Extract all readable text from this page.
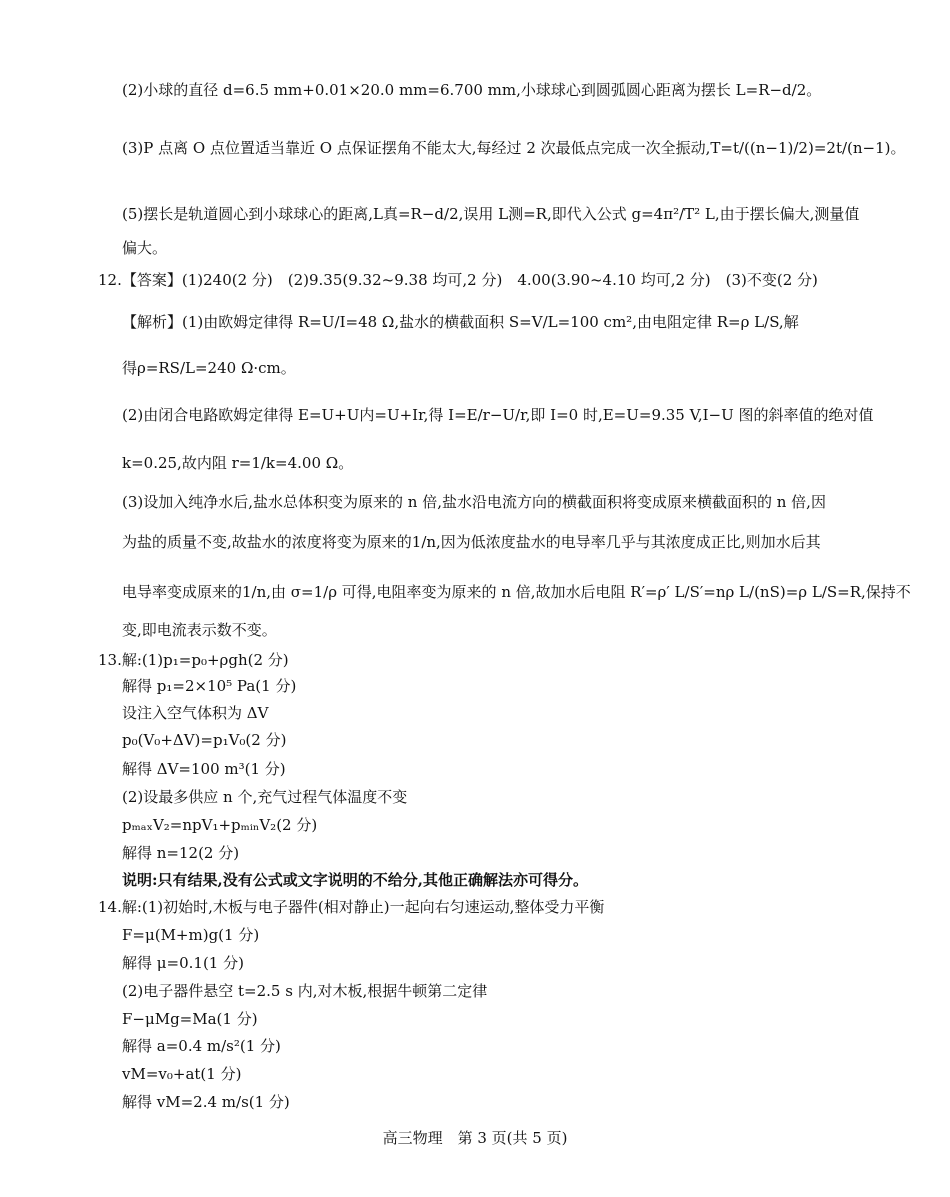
(2)小球的直径 d=6.5 mm+0.01×20.0 mm=6.700 mm,小球球心到圆弧圆心距离为摆长 L=R−d/2。
(3)P 点离 O 点位置适当靠近 O 点保证摆角不能太大,每经过 2 次最低点完成一次全振动,T=t/((n−1)/2)=2t/(n−1)。
(5)摆长是轨道圆心到小球球心的距离,L真=R−d/2,误用 L测=R,即代入公式 g=4π²/T² L,由于摆长偏大,测量值
偏大。
12.【答案】(1)240(2 分)　(2)9.35(9.32~9.38 均可,2 分)　4.00(3.90~4.10 均可,2 分)　(3)不变(2 分)
【解析】(1)由欧姆定律得 R=U/I=48 Ω,盐水的横截面积 S=V/L=100 cm²,由电阻定律 R=ρ L/S,解
得ρ=RS/L=240 Ω·cm。
(2)由闭合电路欧姆定律得 E=U+U内=U+Ir,得 I=E/r−U/r,即 I=0 时,E=U=9.35 V,I−U 图的斜率值的绝对值
k=0.25,故内阻 r=1/k=4.00 Ω。
(3)设加入纯净水后,盐水总体积变为原来的 n 倍,盐水沿电流方向的横截面积将变成原来横截面积的 n 倍,因
为盐的质量不变,故盐水的浓度将变为原来的1/n,因为低浓度盐水的电导率几乎与其浓度成正比,则加水后其
电导率变成原来的1/n,由 σ=1/ρ 可得,电阻率变为原来的 n 倍,故加水后电阻 R′=ρ′ L/S′=nρ L/(nS)=ρ L/S=R,保持不
变,即电流表示数不变。
13.解:(1)p₁=p₀+ρgh(2 分)
解得 p₁=2×10⁵ Pa(1 分)
设注入空气体积为 ΔV
p₀(V₀+ΔV)=p₁V₀(2 分)
解得 ΔV=100 m³(1 分)
(2)设最多供应 n 个,充气过程气体温度不变
pₘₐₓV₂=npV₁+pₘᵢₙV₂(2 分)
解得 n=12(2 分)
说明:只有结果,没有公式或文字说明的不给分,其他正确解法亦可得分。
14.解:(1)初始时,木板与电子器件(相对静止)一起向右匀速运动,整体受力平衡
F=μ(M+m)g(1 分)
解得 μ=0.1(1 分)
(2)电子器件悬空 t=2.5 s 内,对木板,根据牛顿第二定律
F−μMg=Ma(1 分)
解得 a=0.4 m/s²(1 分)
vM=v₀+at(1 分)
解得 vM=2.4 m/s(1 分)
高三物理　第 3 页(共 5 页)
